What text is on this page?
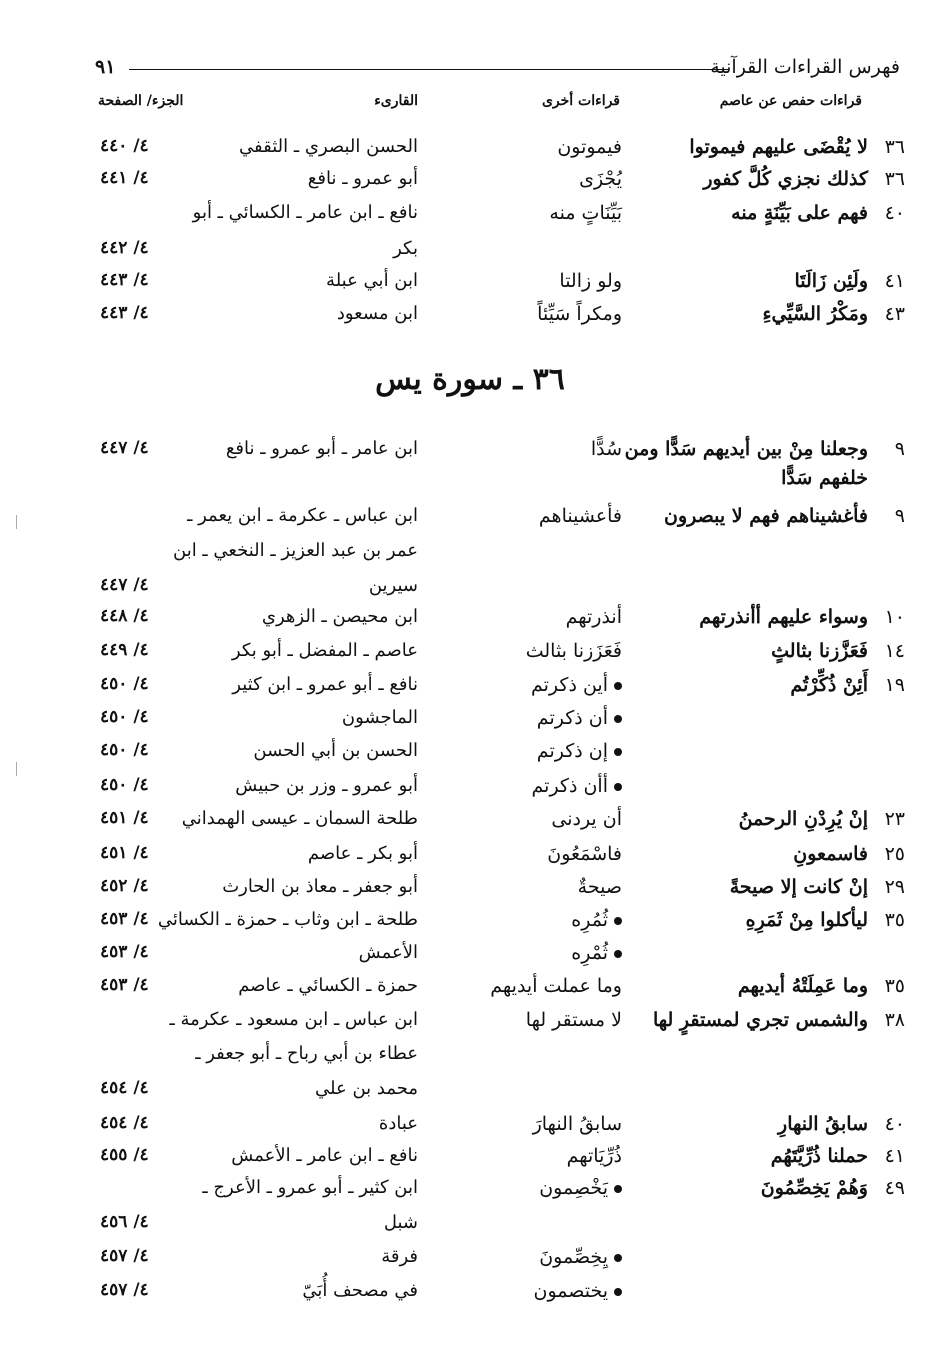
فهرس القراءات القرآنية
٩١
قراءات حفص عن عاصم
قراءات أخرى
القارىء
الجزء/ الصفحة
٣٦
لا يُقْضَى عليهم فيموتوا
فيموتون
الحسن البصري ـ الثقفي
٤/ ٤٤٠
٣٦
كذلك نجزي كُلَّ كفور
يُجْزَى
أبو عمرو ـ نافع
٤/ ٤٤١
٤٠
فهم على بَيِّنَةٍ منه
بَيِّنَاتٍ منه
نافع ـ ابن عامر ـ الكسائي ـ أبو
بكر
٤/ ٤٤٢
٤١
ولَئِن زَالَتَا
ولو زالتا
ابن أبي عبلة
٤/ ٤٤٣
٤٣
ومَكْرُ السَّيِّيءِ
ومكراً سَيِّئاً
ابن مسعود
٤/ ٤٤٣
٣٦ ـ سورة يس
٩
وجعلنا مِنْ بين أيديهم سَدًّا ومن
سُدًّا
ابن عامر ـ أبو عمرو ـ نافع
٤/ ٤٤٧
خلفهم سَدًّا
٩
فأغشيناهم فهم لا يبصرون
فأعشيناهم
ابن عباس ـ عكرمة ـ ابن يعمر ـ
عمر بن عبد العزيز ـ النخعي ـ ابن
سيرين
٤/ ٤٤٧
١٠
وسواء عليهم أأنذرتهم
أنذرتهم
ابن محيصن ـ الزهري
٤/ ٤٤٨
١٤
فَعَزَّزنا بثالثٍ
فَعَزَزنا بثالث
عاصم ـ المفضل ـ أبو بكر
٤/ ٤٤٩
١٩
أَئِنْ ذُكِّرْتُم
أين ذكرتم
نافع ـ أبو عمرو ـ ابن كثير
٤/ ٤٥٠
أن ذكرتم
الماجشون
٤/ ٤٥٠
إن ذكرتم
الحسن بن أبي الحسن
٤/ ٤٥٠
أأن ذكرتم
أبو عمرو ـ وزر بن حبيش
٤/ ٤٥٠
٢٣
إنْ يُرِدْنِ الرحمنُ
أن يردنى
طلحة السمان ـ عيسى الهمداني
٤/ ٤٥١
٢٥
فاسمعونِ
فاسْمَعُونَ
أبو بكر ـ عاصم
٤/ ٤٥١
٢٩
إنْ كانت إلا صيحةً
صيحةٌ
أبو جعفر ـ معاذ بن الحارث
٤/ ٤٥٢
٣٥
ليأكلوا مِنْ ثَمَرِهِ
ثُمُرِه
طلحة ـ ابن وثاب ـ حمزة ـ الكسائي
٤/ ٤٥٣
ثُمْرِه
الأعمش
٤/ ٤٥٣
٣٥
وما عَمِلَتْهُ أيديهم
وما عملت أيديهم
حمزة ـ الكسائي ـ عاصم
٤/ ٤٥٣
٣٨
والشمس تجري لمستقرٍ لها
لا مستقر لها
ابن عباس ـ ابن مسعود ـ عكرمة ـ
عطاء بن أبي رباح ـ أبو جعفر ـ
محمد بن علي
٤/ ٤٥٤
٤٠
سابقُ النهارِ
سابقُ النهارَ
عبادة
٤/ ٤٥٤
٤١
حملنا ذُرِّيَّتَهُم
ذُرِّيَاتهم
نافع ـ ابن عامر ـ الأعمش
٤/ ٤٥٥
٤٩
وَهُمْ يَخِصِّمُونَ
يَخْصِمون
ابن كثير ـ أبو عمرو ـ الأعرج ـ
شبل
٤/ ٤٥٦
يِخِصِّمونَ
فرقة
٤/ ٤٥٧
يختصمون
في مصحف أُبَيّ
٤/ ٤٥٧
